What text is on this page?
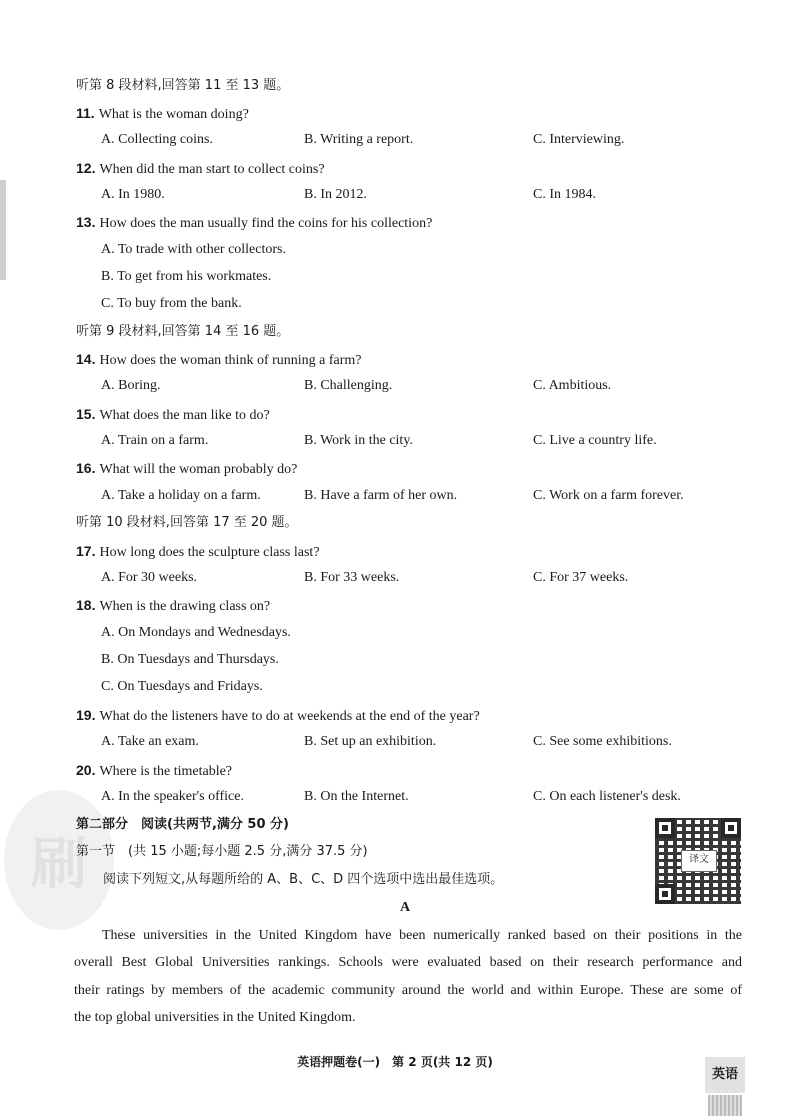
刷
听第 8 段材料,回答第 11 至 13 题。
11. What is the woman doing?
A. Collecting coins.	B. Writing a report.	C. Interviewing.
12. When did the man start to collect coins?
A. In 1980.	B. In 2012.	C. In 1984.
13. How does the man usually find the coins for his collection?
A. To trade with other collectors.
B. To get from his workmates.
C. To buy from the bank.
听第 9 段材料,回答第 14 至 16 题。
14. How does the woman think of running a farm?
A. Boring.	B. Challenging.	C. Ambitious.
15. What does the man like to do?
A. Train on a farm.	B. Work in the city.	C. Live a country life.
16. What will the woman probably do?
A. Take a holiday on a farm.	B. Have a farm of her own.	C. Work on a farm forever.
听第 10 段材料,回答第 17 至 20 题。
17. How long does the sculpture class last?
A. For 30 weeks.	B. For 33 weeks.	C. For 37 weeks.
18. When is the drawing class on?
A. On Mondays and Wednesdays.
B. On Tuesdays and Thursdays.
C. On Tuesdays and Fridays.
19. What do the listeners have to do at weekends at the end of the year?
A. Take an exam.	B. Set up an exhibition.	C. See some exhibitions.
20. Where is the timetable?
A. In the speaker's office.	B. On the Internet.	C. On each listener's desk.
第二部分　阅读(共两节,满分 50 分)
第一节　(共 15 小题;每小题 2.5 分,满分 37.5 分)
阅读下列短文,从每题所给的 A、B、C、D 四个选项中选出最佳选项。
A
译文
These universities in the United Kingdom have been numerically ranked based on their positions in the
overall Best Global Universities rankings. Schools were evaluated based on their research performance and
their ratings by members of the academic community around the world and within Europe. These are some of
the top global universities in the United Kingdom.
英语押题卷(一)　第 2 页(共 12 页)
英语
